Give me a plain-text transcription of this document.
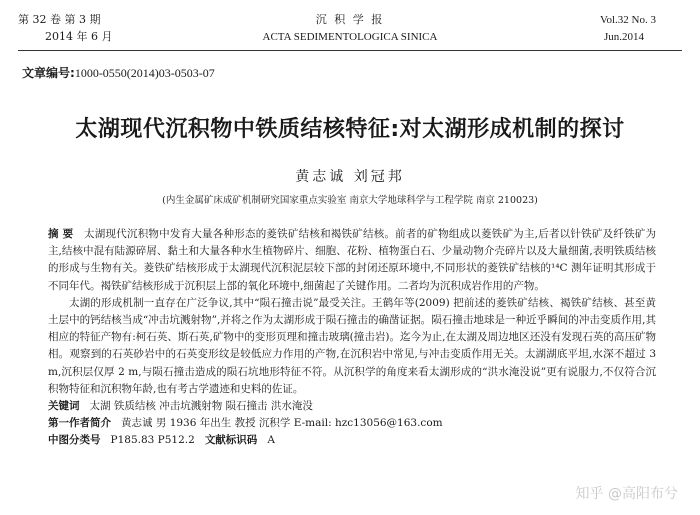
第 32 卷 第 3 期
2014 年 6 月
沉 积 学 报
ACTA SEDIMENTOLOGICA SINICA
Vol.32 No. 3
Jun.2014
文章编号:1000-0550(2014)03-0503-07
太湖现代沉积物中铁质结核特征:对太湖形成机制的探讨
黄志诚 刘冠邦
(内生金属矿床成矿机制研究国家重点实验室 南京大学地球科学与工程学院 南京 210023)

摘 要 太湖现代沉积物中发育大量各种形态的菱铁矿结核和褐铁矿结核。前者的矿物组成以菱铁矿为主,后者以针铁矿及纤铁矿为主,结核中混有陆源碎屑、黏土和大量各种水生植物碎片、细胞、花粉、植物蛋白石、少量动物介壳碎片以及大量细菌,表明铁质结核的形成与生物有关。菱铁矿结核形成于太湖现代沉积泥层较下部的封闭还原环境中,不同形状的菱铁矿结核的¹⁴C 测年证明其形成于不同年代。褐铁矿结核形成于沉积层上部的氧化环境中,细菌起了关键作用。二者均为沉积成岩作用的产物。

太湖的形成机制一直存在广泛争议,其中“陨石撞击说”最受关注。王鹤年等(2009) 把前述的菱铁矿结核、褐铁矿结核、甚至黄土层中的钙结核当成“冲击坑溅射物”,并将之作为太湖形成于陨石撞击的确凿证据。陨石撞击地球是一种近乎瞬间的冲击变质作用,其相应的特征产物有:柯石英、斯石英,矿物中的变形页理和撞击玻璃(撞击岩)。迄今为止,在太湖及周边地区还没有发现石英的高压矿物相。观察到的石英砂岩中的石英变形纹是较低应力作用的产物,在沉积岩中常见,与冲击变质作用无关。太湖湖底平坦,水深不超过 3 m,沉积层仅厚 2 m,与陨石撞击造成的陨石坑地形特征不符。从沉积学的角度来看太湖形成的“洪水淹没说”更有说服力,不仅符合沉积物特征和沉积物年龄,也有考古学遗迹和史料的佐证。

关键词 太湖 铁质结核 冲击坑溅射物 陨石撞击 洪水淹没

第一作者简介 黄志诚 男 1936 年出生 教授 沉积学 E-mail: hzc13056@163.com

中图分类号 P185.83 P512.2 文献标识码 A

知乎 @高阳布兮
